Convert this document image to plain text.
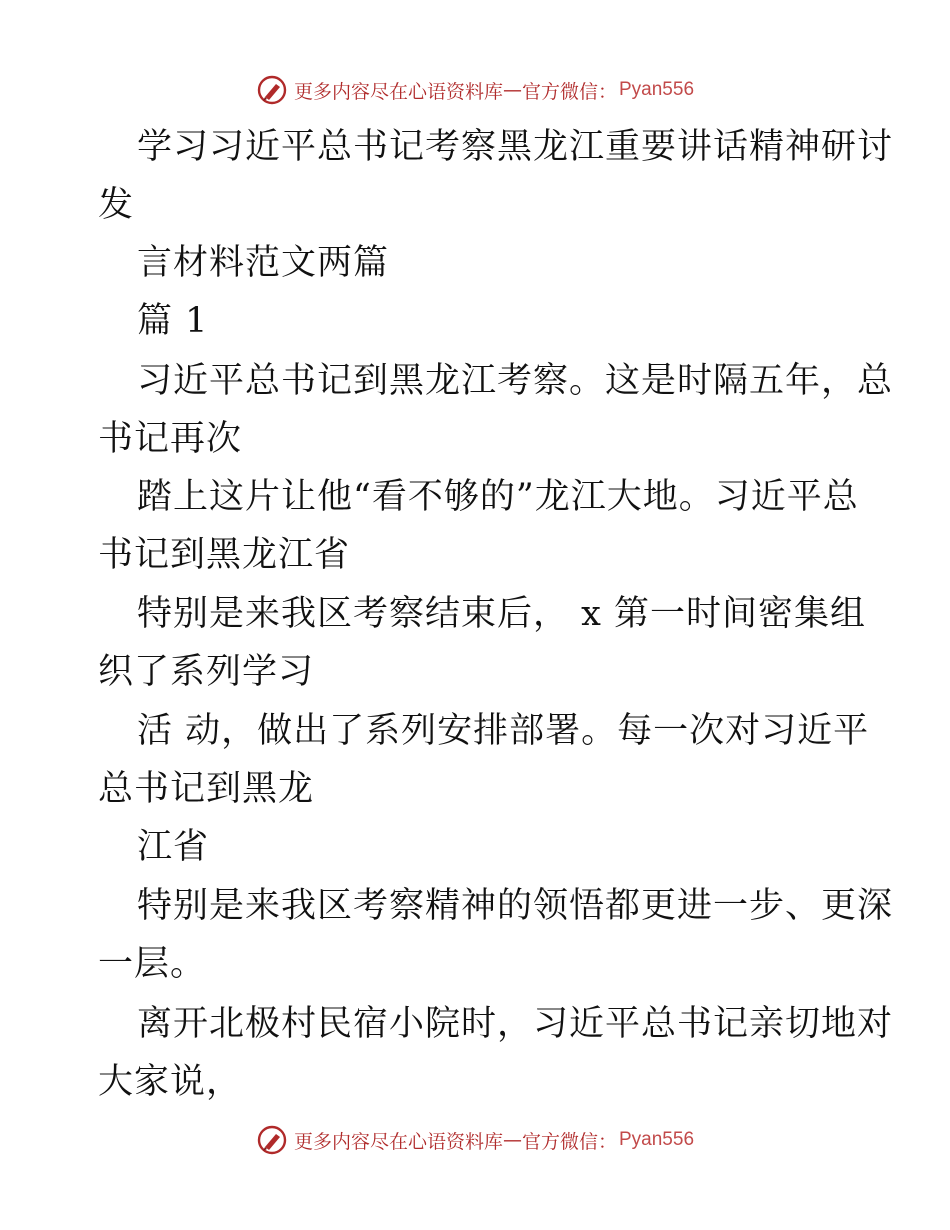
更多内容尽在心语资料库 — 官方微信： Pyan556
学习习近平总书记考察黑龙江重要讲话精神研讨
发
言材料范文两篇
篇 1
习近平总书记到黑龙江考察。这是时隔五年，总
书记再次
踏上这片让他“看不够的”龙江大地。习近平总
书记到黑龙江省
特别是来我区考察结束后， x 第一时间密集组
织了系列学习
活 动，做出了系列安排部署。每一次对习近平
总书记到黑龙
江省
特别是来我区考察精神的领悟都更进一步、更深
一层。
离开北极村民宿小院时，习近平总书记亲切地对
大家说，
更多内容尽在心语资料库 — 官方微信： Pyan556
